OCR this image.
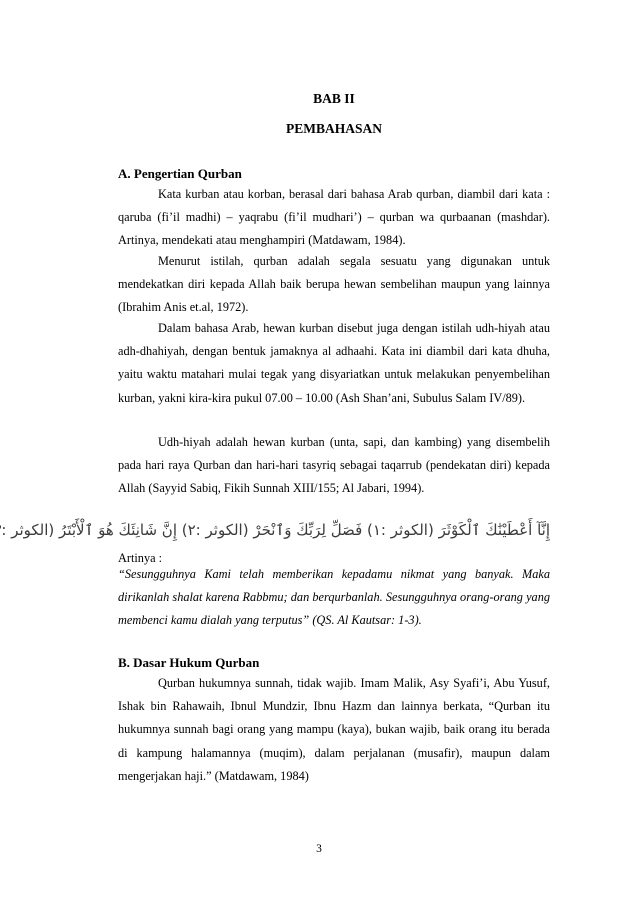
BAB II
PEMBAHASAN
A. Pengertian Qurban

Kata kurban atau korban, berasal dari bahasa Arab qurban, diambil dari kata : qaruba (fi’il madhi) – yaqrabu (fi’il mudhari’) – qurban wa qurbaanan (mashdar). Artinya, mendekati atau menghampiri (Matdawam, 1984).

Menurut istilah, qurban adalah segala sesuatu yang digunakan untuk mendekatkan diri kepada Allah baik berupa hewan sembelihan maupun yang lainnya (Ibrahim Anis et.al, 1972).

Dalam bahasa Arab, hewan kurban disebut juga dengan istilah udh-hiyah atau adh-dhahiyah, dengan bentuk jamaknya al adhaahi. Kata ini diambil dari kata dhuha, yaitu waktu matahari mulai tegak yang disyariatkan untuk melakukan penyembelihan kurban, yakni kira-kira pukul 07.00 – 10.00 (Ash Shan’ani, Subulus Salam IV/89).

Udh-hiyah adalah hewan kurban (unta, sapi, dan kambing) yang disembelih pada hari raya Qurban dan hari-hari tasyriq sebagai taqarrub (pendekatan diri) kepada Allah (Sayyid Sabiq, Fikih Sunnah XIII/155; Al Jabari, 1994).

إِنَّآ أَعْطَيْنَٰكَ ٱلْكَوْثَرَ (الكوثر :١) فَصَلِّ لِرَبِّكَ وَٱنْحَرْ (الكوثر :٢) إِنَّ شَانِئَكَ هُوَ ٱلْأَبْتَرُ (الكوثر :
Artinya :

“Sesungguhnya Kami telah memberikan kepadamu nikmat yang banyak. Maka dirikanlah shalat karena Rabbmu; dan berqurbanlah. Sesungguhnya orang-orang yang membenci kamu dialah yang terputus” (QS. Al Kautsar: 1-3).

B. Dasar Hukum Qurban

Qurban hukumnya sunnah, tidak wajib. Imam Malik, Asy Syafi’i, Abu Yusuf, Ishak bin Rahawaih, Ibnul Mundzir, Ibnu Hazm dan lainnya berkata, “Qurban itu hukumnya sunnah bagi orang yang mampu (kaya), bukan wajib, baik orang itu berada di kampung halamannya (muqim), dalam perjalanan (musafir), maupun dalam mengerjakan haji.” (Matdawam, 1984)

3
